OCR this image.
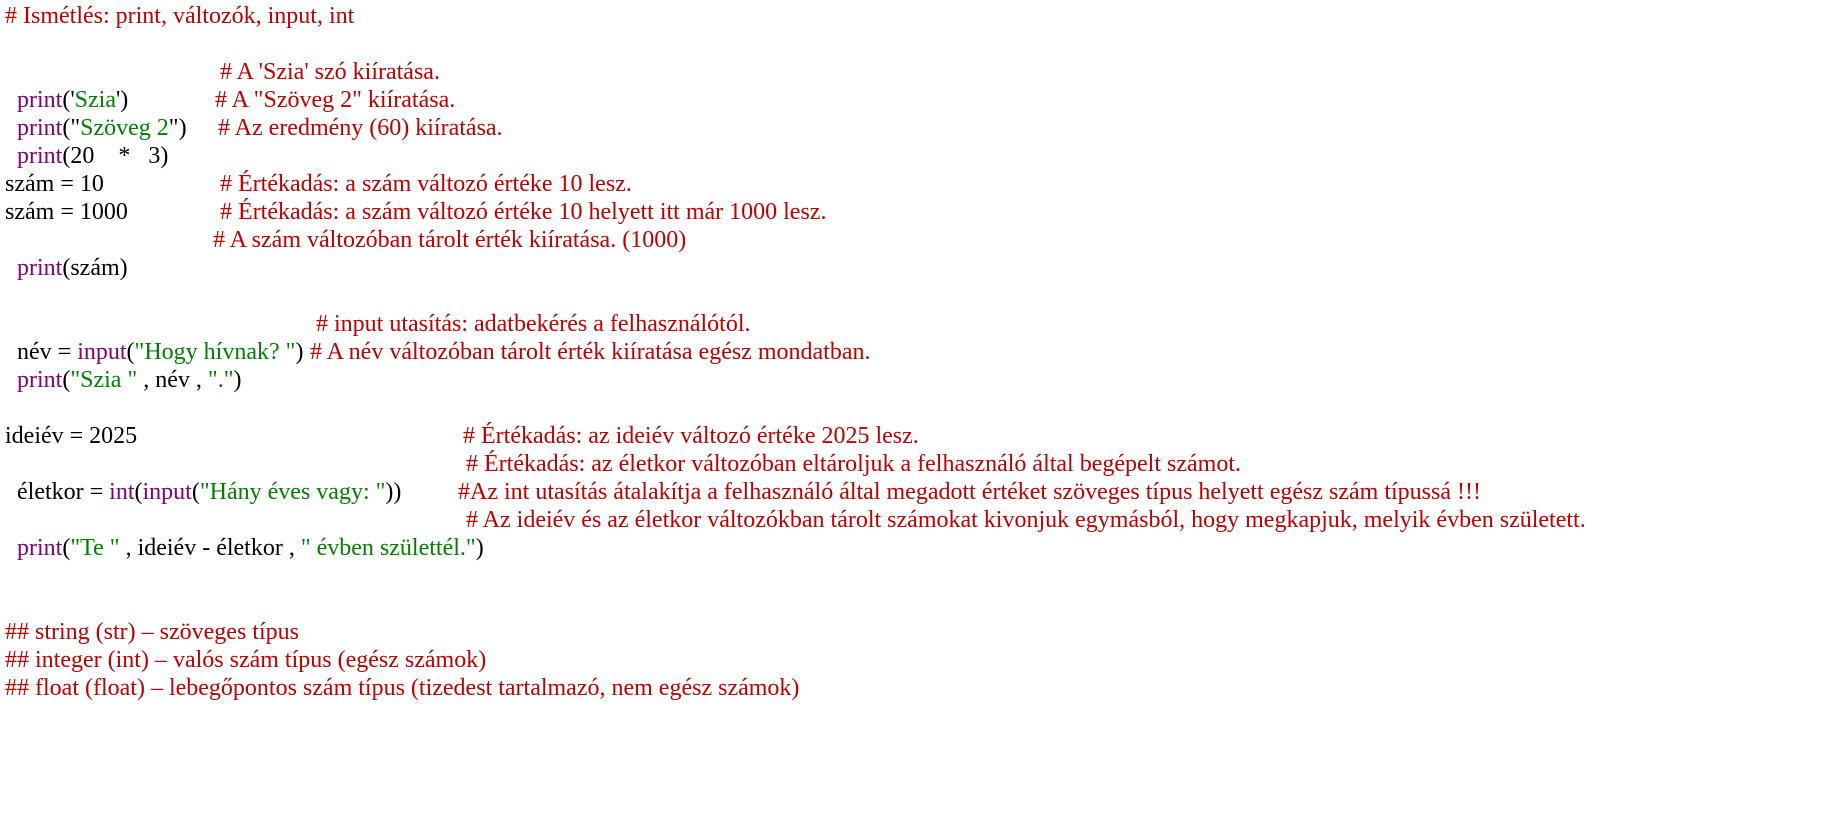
# Ismétlés: print, változók, input, int

print('Szia')

# A 'Szia' szó kiíratása.

print("Szöveg 2")

# A "Szöveg 2" kiíratása.

print(20    *   3)

# Az eredmény (60) kiíratása.
szám = 10	# Értékadás: a szám változó értéke 10 lesz.
szám = 1000	# Értékadás: a szám változó értéke 10 helyett itt már 1000 lesz.

print(szám)

# A szám változóban tárolt érték kiíratása. (1000)

név = input("Hogy hívnak? ")

# input utasítás: adatbekérés a felhasználótól.

print("Szia " , név , ".")

# A név változóban tárolt érték kiíratása egész mondatban.
ideiév = 2025	# Értékadás: az ideiév változó értéke 2025 lesz.

életkor = int(input("Hány éves vagy: "))

# Értékadás: az életkor változóban eltároljuk a felhasználó által begépelt számot.
#Az int utasítás átalakítja a felhasználó által megadott értéket szöveges típus helyett egész szám típussá !!!

print("Te " , ideiév - életkor , " évben születtél.")

# Az ideiév és az életkor változókban tárolt számokat kivonjuk egymásból, hogy megkapjuk, melyik évben született.
## string (str) – szöveges típus
## integer (int) – valós szám típus (egész számok)
## float (float) – lebegőpontos szám típus (tizedest tartalmazó, nem egész számok)
